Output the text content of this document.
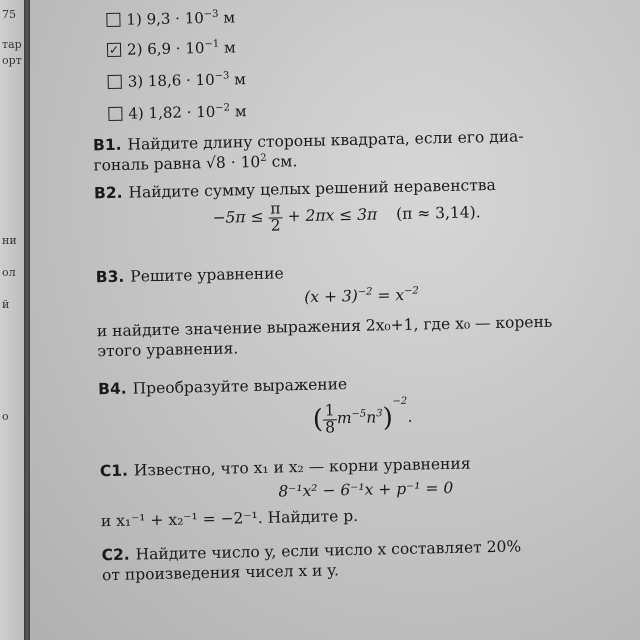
75
тар
орт
ни
ол
й
о
1) $9,3 \cdot 10^{-3}$ м
✓ 2) $6,9 \cdot 10^{-1}$ м
3) $18,6 \cdot 10^{-3}$ м
4) $1,82 \cdot 10^{-2}$ м
В1. Найдите длину стороны квадрата, если его диа-
гональ равна $√8 \cdot 10^2$ см.
В2. Найдите сумму целых решений неравенства
$-5\pi \le \frac{\pi}{2} + 2\pi x \le 3\pi$ (π ≈ 3,14).
В3. Решите уравнение
$(x + 3)^{-2} = x^{-2}$
и найдите значение выражения 2x₀+1, где x₀ — корень
этого уравнения.
В4. Преобразуйте выражение
( $\frac{1}{8} m^{-5}n^3)^{-2}$.
С1. Известно, что x₁ и x₂ — корни уравнения
8⁻¹x² − 6⁻¹x + p⁻¹ = 0
и x₁⁻¹ + x₂⁻¹ = −2⁻¹. Найдите p.
С2. Найдите число y, если число x составляет 20%
от произведения чисел x и y.
